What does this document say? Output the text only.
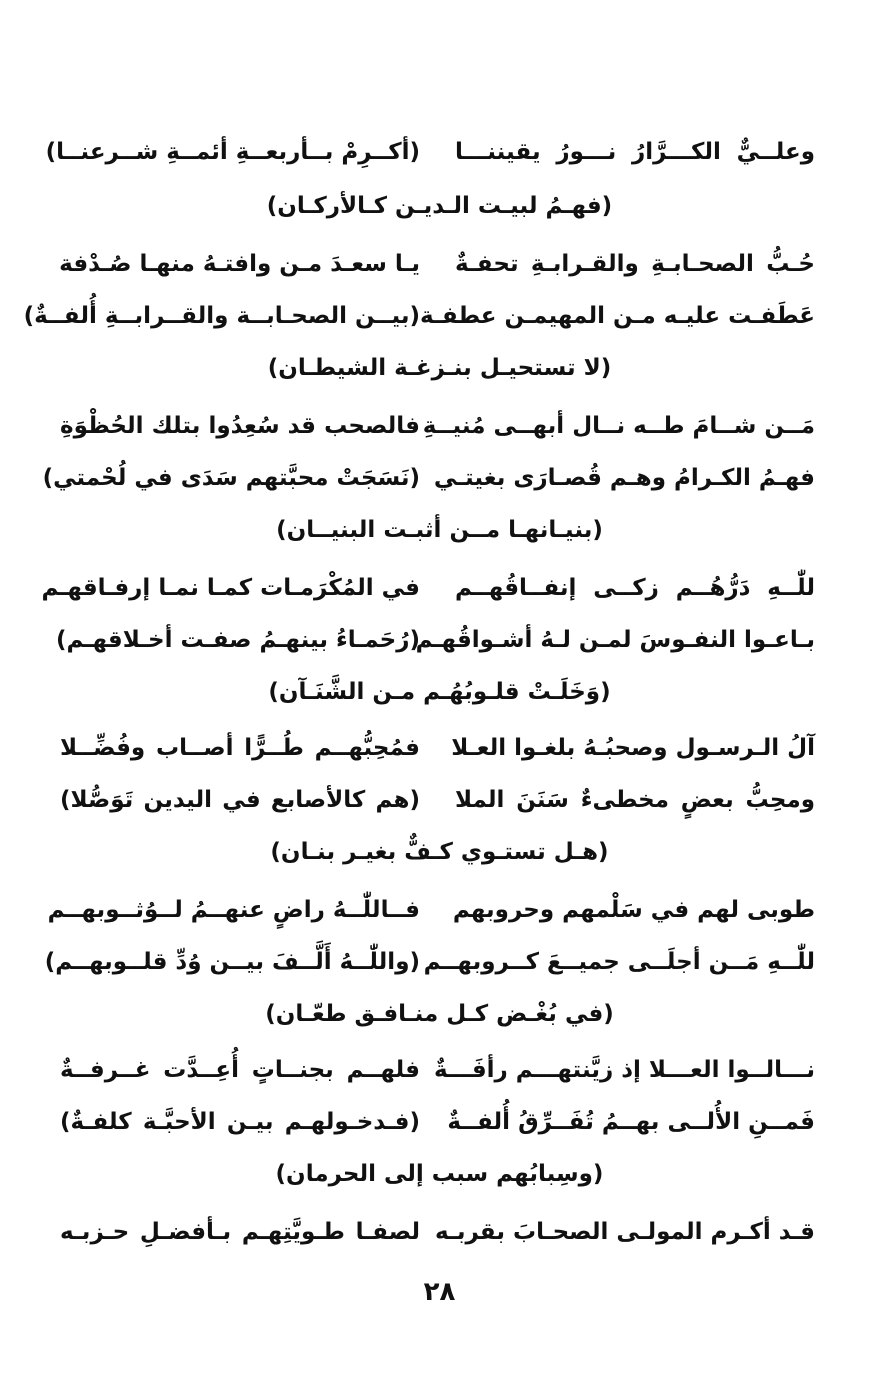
وعلــيٌّ الكـــرَّارُ نـــورُ يقيننـــا
(أكــرِمْ بــأربعــةِ أئمــةِ شــرعنــا)
(فهـمُ لبيـت الـديـن كـالأركـان)
حُـبُّ الصحـابـةِ والقـرابـةِ تحفـةٌ
يـا سعـدَ مـن وافتـهُ منهـا صُـدْفة
عَطَفـت عليـه مـن المهيمـن عطفـة
(بيــن الصحـابــة والقــرابــةِ أُلفــةٌ)
(لا تستحيـل بنـزغـة الشيطـان)
مَــن شــامَ طــه نــال أبهــى مُنيــةِ
فالصحب قد سُعِدُوا بتلك الحُظْوَةِ
فهـمُ الكـرامُ وهـم قُصـارَى بغيتـي
(نَسَجَتْ محبَّتهم سَدَى في لُحْمتي)
(بنيـانهـا مــن أثبـت البنيــان)
للّٰــهِ دَرُّهُــم زكــى إنفــاقُهــم
في المُكْرَمـات كمـا نمـا إرفـاقهـم
بـاعـوا النفـوسَ لمـن لـهُ أشـواقُهـم
(رُحَمـاءُ بينهـمُ صفـت أخـلاقهـم)
(وَخَلَـتْ قلـوبُهُـم مـن الشَّنَـآن)
آلُ الـرسـول وصحبُـهُ بلغـوا العـلا
فمُحِبُّهــم طُــرًّا أصــاب وفُضِّــلا
ومحِبُّ بعضٍ مخطىءٌ سَنَنَ الملا
(هم كالأصابع في اليدين تَوَصُّلا)
(هـل تستـوي كـفٌّ بغيـر بنـان)
طوبى لهم في سَلْمهم وحروبهم
فــاللّٰــهُ راضٍ عنهــمُ لــوُثــوبهــم
للّٰــهِ مَــن أجلَــى جميــعَ كــروبهــم
(واللّٰــهُ أَلَّــفَ بيــن وُدِّ قلــوبهــم)
(في بُغْـض كـل منـافـق طعّـان)
نـــالــوا العـــلا إذ زيَّنتهـــم رأفَـــةٌ
فلهــم بجنــاتٍ أُعِــدَّت غــرفــةٌ
فَمــنِ الأُلــى بهــمُ تُفَــرِّقُ أُلفــةٌ
(فـدخـولهـم بيـن الأحبَّـة كلفـةٌ)
(وسِبابُهم سبب إلى الحرمان)
قـد أكـرم المولـى الصحـابَ بقربـه
لصفـا طـويَّتِهـم بـأفضـلِ حـزبـه
٢٨
